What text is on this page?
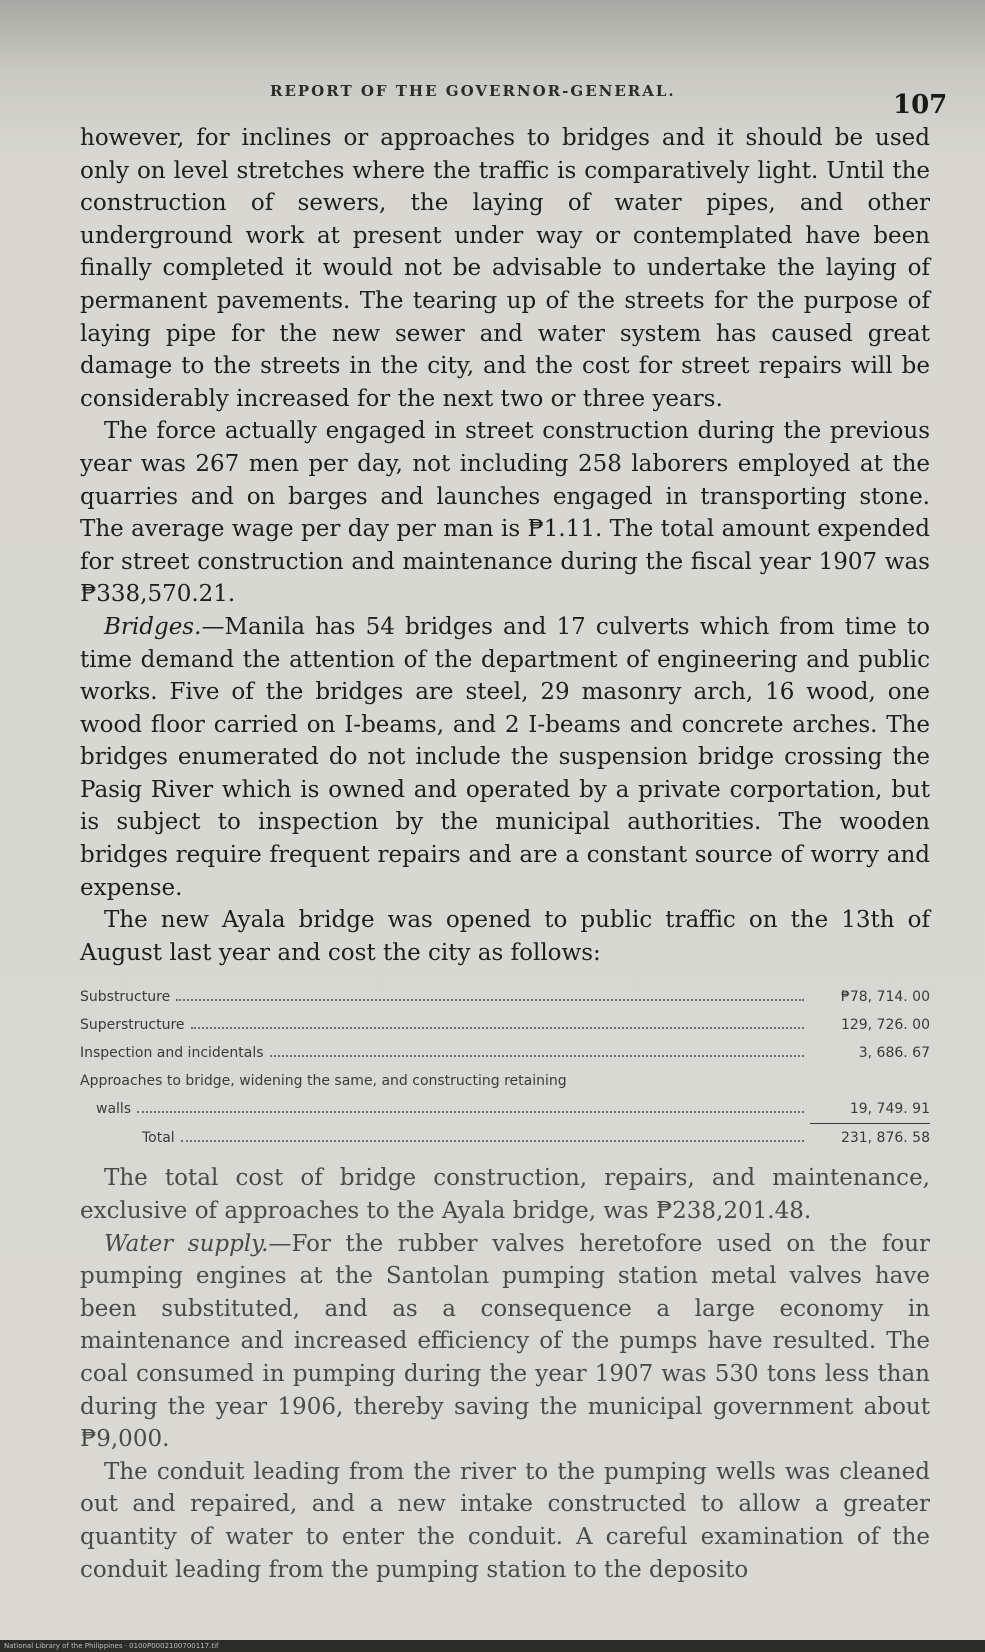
REPORT OF THE GOVERNOR-GENERAL.	107

however, for inclines or approaches to bridges and it should be used only on level stretches where the traffic is comparatively light. Until the construction of sewers, the laying of water pipes, and other underground work at present under way or contemplated have been finally completed it would not be advisable to undertake the laying of permanent pavements. The tearing up of the streets for the purpose of laying pipe for the new sewer and water system has caused great damage to the streets in the city, and the cost for street repairs will be considerably increased for the next two or three years.

The force actually engaged in street construction during the previous year was 267 men per day, not including 258 laborers employed at the quarries and on barges and launches engaged in transporting stone. The average wage per day per man is ₱1.11. The total amount expended for street construction and maintenance during the fiscal year 1907 was ₱338,570.21.

Bridges.—Manila has 54 bridges and 17 culverts which from time to time demand the attention of the department of engineering and public works. Five of the bridges are steel, 29 masonry arch, 16 wood, one wood floor carried on I-beams, and 2 I-beams and concrete arches. The bridges enumerated do not include the suspension bridge crossing the Pasig River which is owned and operated by a private corportation, but is subject to inspection by the municipal authorities. The wooden bridges require frequent repairs and are a constant source of worry and expense.

The new Ayala bridge was opened to public traffic on the 13th of August last year and cost the city as follows:

Substructure	₱78, 714. 00
Superstructure	129, 726. 00
Inspection and incidentals	3, 686. 67
Approaches to bridge, widening the same, and constructing retaining
walls	19, 749. 91
Total	231, 876. 58

The total cost of bridge construction, repairs, and maintenance, exclusive of approaches to the Ayala bridge, was ₱238,201.48.

Water supply.—For the rubber valves heretofore used on the four pumping engines at the Santolan pumping station metal valves have been substituted, and as a consequence a large economy in maintenance and increased efficiency of the pumps have resulted. The coal consumed in pumping during the year 1907 was 530 tons less than during the year 1906, thereby saving the municipal government about ₱9,000.

The conduit leading from the river to the pumping wells was cleaned out and repaired, and a new intake constructed to allow a greater quantity of water to enter the conduit. A careful examination of the conduit leading from the pumping station to the deposito

National Library of the Philippines · 0100P0002100700117.tif
